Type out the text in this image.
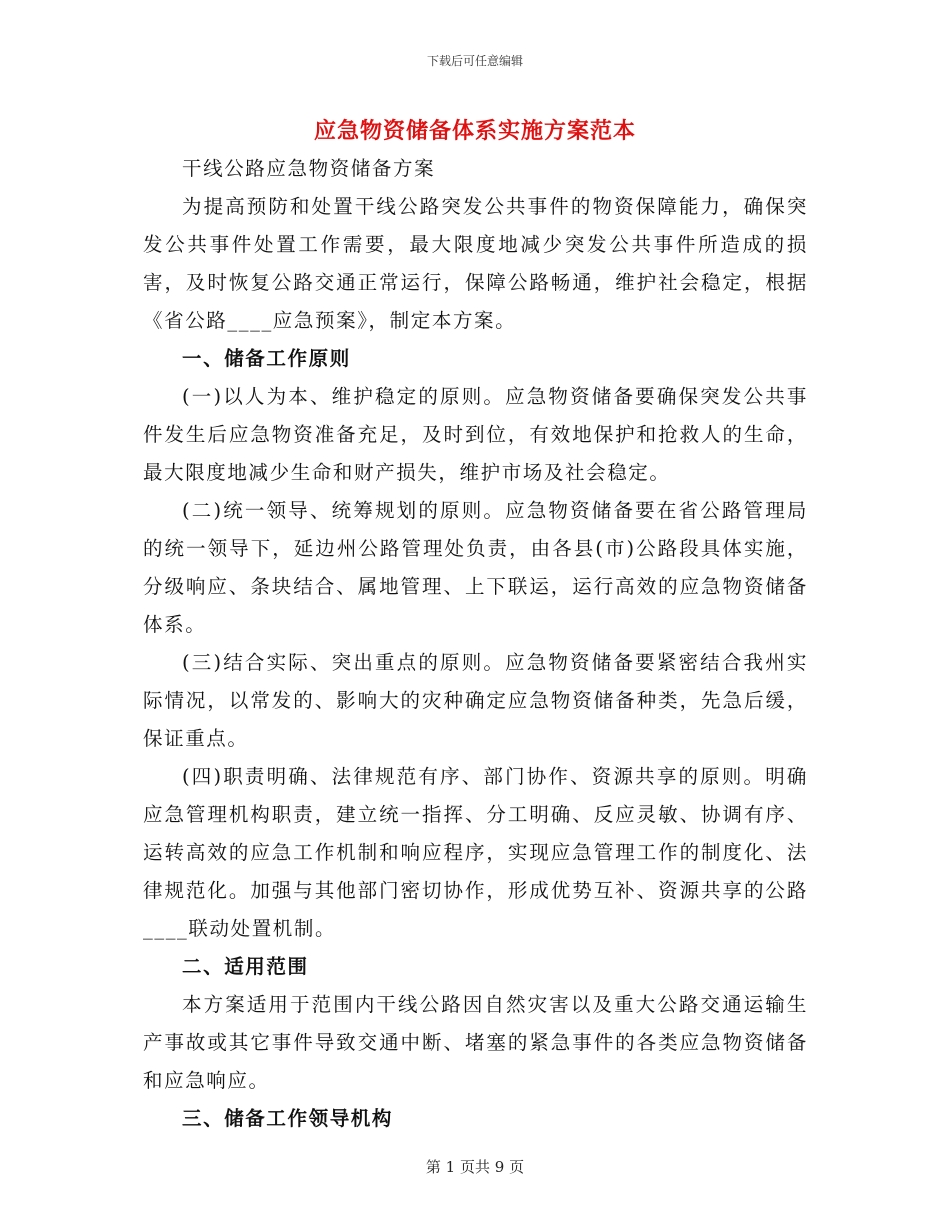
下载后可任意编辑
应急物资储备体系实施方案范本

干线公路应急物资储备方案

为提高预防和处置干线公路突发公共事件的物资保障能力，确保突发公共事件处置工作需要，最大限度地减少突发公共事件所造成的损害，及时恢复公路交通正常运行，保障公路畅通，维护社会稳定，根据《省公路____应急预案》，制定本方案。

一、储备工作原则

(一)以人为本、维护稳定的原则。应急物资储备要确保突发公共事件发生后应急物资准备充足，及时到位，有效地保护和抢救人的生命，最大限度地减少生命和财产损失，维护市场及社会稳定。

(二)统一领导、统筹规划的原则。应急物资储备要在省公路管理局的统一领导下，延边州公路管理处负责，由各县(市)公路段具体实施，分级响应、条块结合、属地管理、上下联运，运行高效的应急物资储备体系。

(三)结合实际、突出重点的原则。应急物资储备要紧密结合我州实际情况，以常发的、影响大的灾种确定应急物资储备种类，先急后缓，保证重点。

(四)职责明确、法律规范有序、部门协作、资源共享的原则。明确应急管理机构职责，建立统一指挥、分工明确、反应灵敏、协调有序、运转高效的应急工作机制和响应程序，实现应急管理工作的制度化、法律规范化。加强与其他部门密切协作，形成优势互补、资源共享的公路____联动处置机制。

二、适用范围

本方案适用于范围内干线公路因自然灾害以及重大公路交通运输生产事故或其它事件导致交通中断、堵塞的紧急事件的各类应急物资储备和应急响应。

三、储备工作领导机构

第 1 页共 9 页
